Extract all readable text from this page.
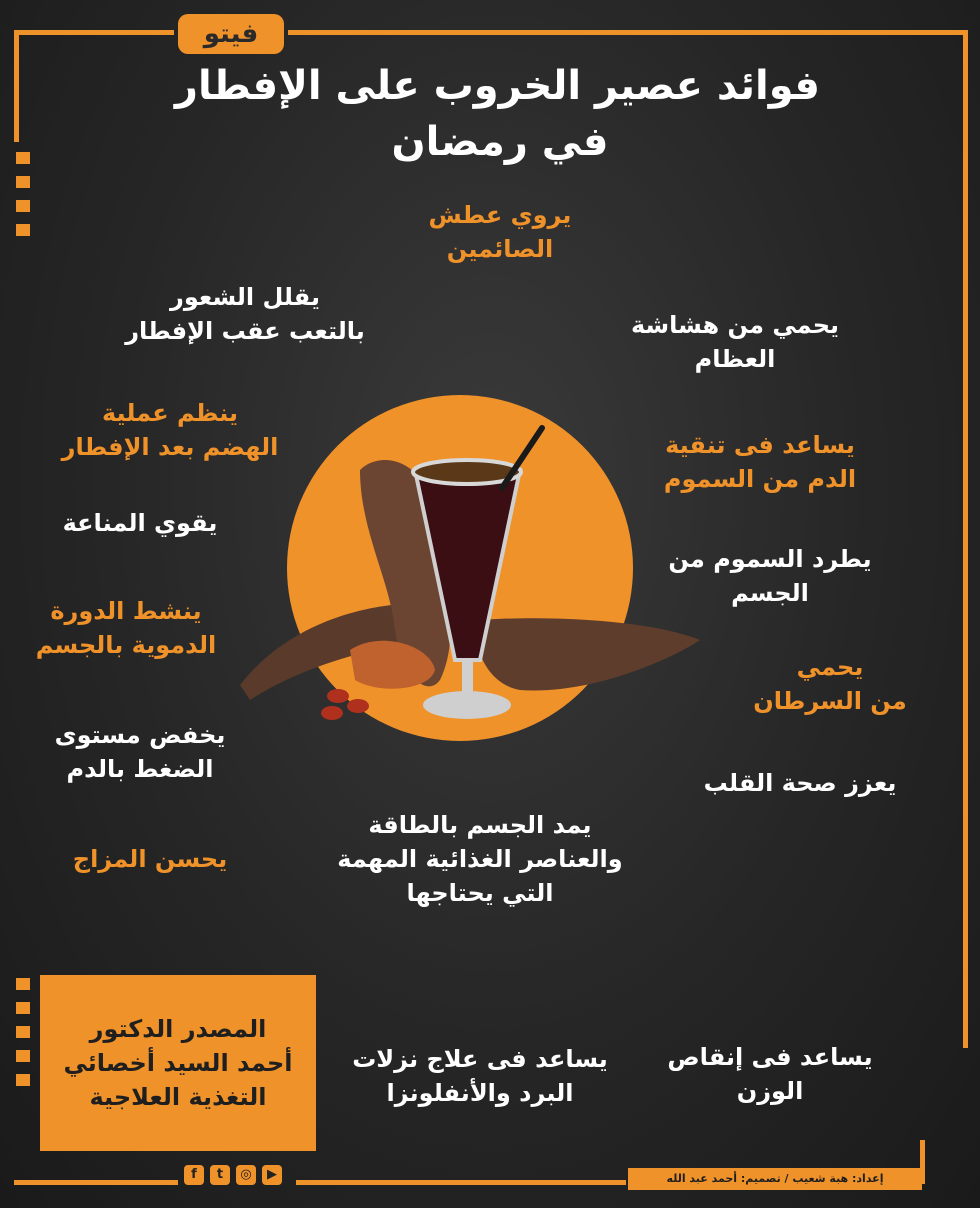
فيتو
فوائد عصير الخروب على الإفطار
في رمضان
يروي عطش
الصائمين
يقلل الشعور
بالتعب عقب الإفطار	يحمي من هشاشة
العظام
ينظم عملية
الهضم بعد الإفطار	يساعد فى تنقية
الدم من السموم
يقوي المناعة
يطرد السموم من
الجسم
ينشط الدورة
الدموية بالجسم
يحمي
من السرطان
يخفض مستوى
الضغط بالدم	يعزز صحة القلب
يمد الجسم بالطاقة
والعناصر الغذائية المهمة
التي يحتاجها
يحسن المزاج
يساعد فى علاج نزلات
البرد والأنفلونزا
يساعد فى إنقاص
الوزن
المصدر الدكتور
أحمد السيد أخصائي
التغذية العلاجية
f	t	◎	▶	إعداد: هبة شعيب / تصميم: أحمد عبد الله
